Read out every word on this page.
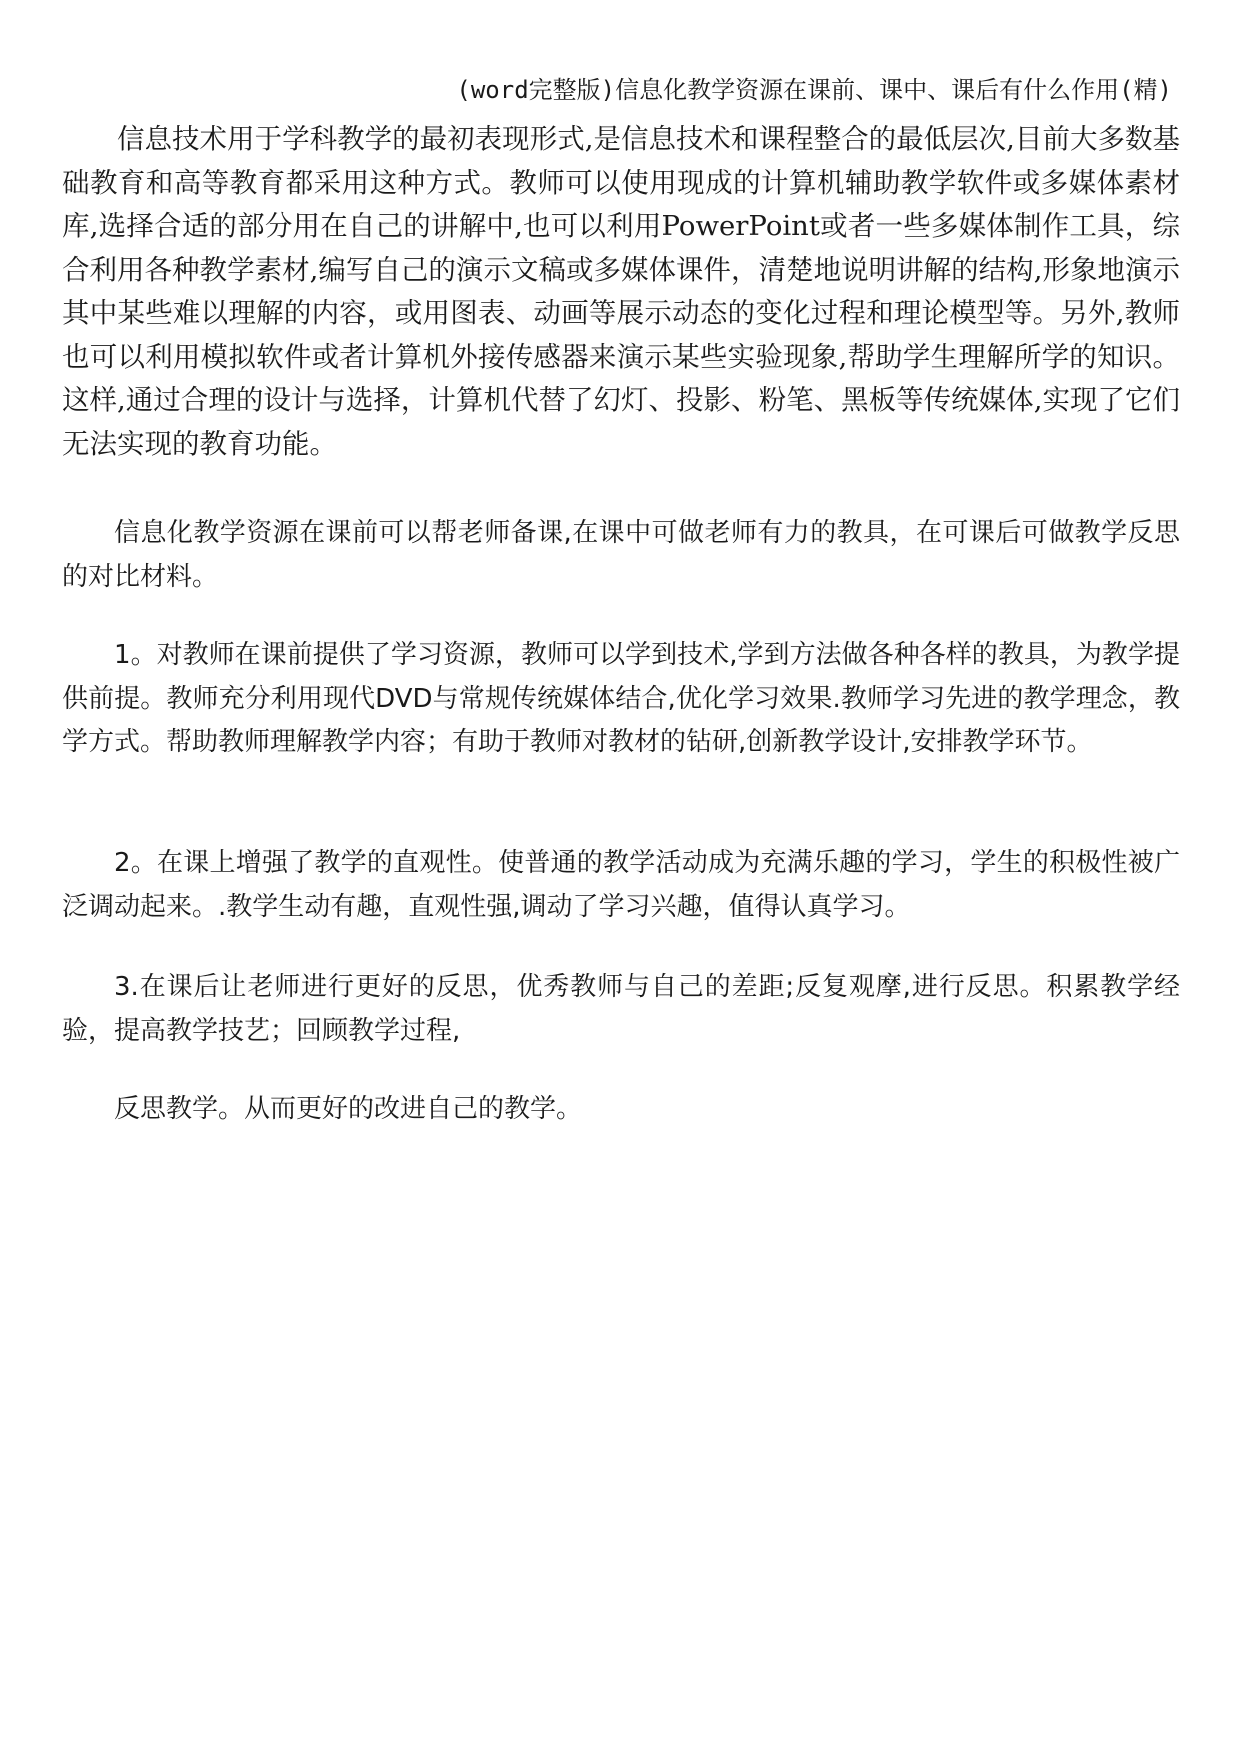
(word完整版)信息化教学资源在课前、课中、课后有什么作用(精)

信息技术用于学科教学的最初表现形式,是信息技术和课程整合的最低层次,目前大多数基础教育和高等教育都采用这种方式。教师可以使用现成的计算机辅助教学软件或多媒体素材库,选择合适的部分用在自己的讲解中,也可以利用PowerPoint或者一些多媒体制作工具，综合利用各种教学素材,编写自己的演示文稿或多媒体课件，清楚地说明讲解的结构,形象地演示其中某些难以理解的内容，或用图表、动画等展示动态的变化过程和理论模型等。另外,教师也可以利用模拟软件或者计算机外接传感器来演示某些实验现象,帮助学生理解所学的知识。这样,通过合理的设计与选择，计算机代替了幻灯、投影、粉笔、黑板等传统媒体,实现了它们无法实现的教育功能。

信息化教学资源在课前可以帮老师备课,在课中可做老师有力的教具，在可课后可做教学反思的对比材料。

1。对教师在课前提供了学习资源，教师可以学到技术,学到方法做各种各样的教具，为教学提供前提。教师充分利用现代DVD与常规传统媒体结合,优化学习效果.教师学习先进的教学理念，教学方式。帮助教师理解教学内容；有助于教师对教材的钻研,创新教学设计,安排教学环节。

2。在课上增强了教学的直观性。使普通的教学活动成为充满乐趣的学习，学生的积极性被广泛调动起来。.教学生动有趣，直观性强,调动了学习兴趣，值得认真学习。

3.在课后让老师进行更好的反思，优秀教师与自己的差距;反复观摩,进行反思。积累教学经验，提高教学技艺；回顾教学过程,

反思教学。从而更好的改进自己的教学。
